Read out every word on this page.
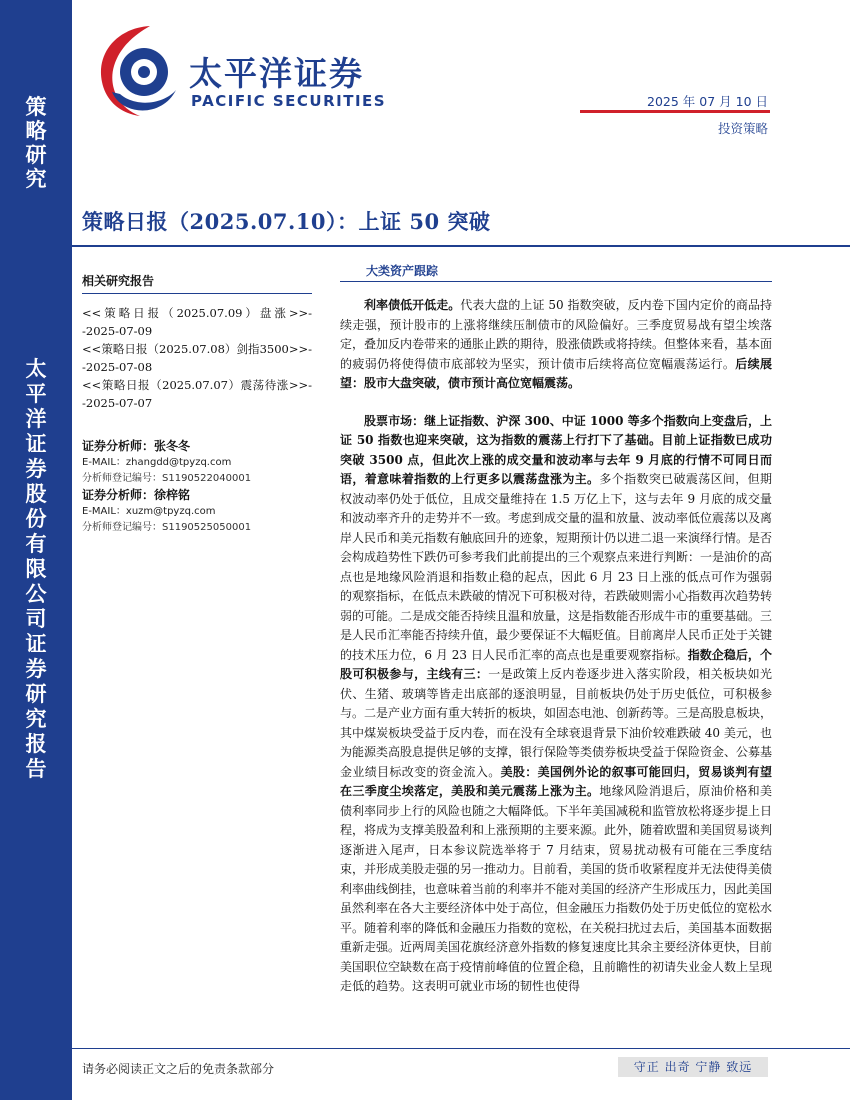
策略研究
太平洋证券股份有限公司证券研究报告
太平洋证券
PACIFIC SECURITIES	2025 年 07 月 10 日
投资策略
策略日报（2025.07.10）：上证 50 突破
相关研究报告
<<策略日报（2025.07.09）盘涨>>--2025-07-09
<<策略日报（2025.07.08）剑指3500>>--2025-07-08
<<策略日报（2025.07.07）震荡待涨>>--2025-07-07
证券分析师：张冬冬
E-MAIL：zhangdd@tpyzq.com
分析师登记编号：S1190522040001
证券分析师：徐梓铭
E-MAIL：xuzm@tpyzq.com
分析师登记编号：S1190525050001
大类资产跟踪
利率债低开低走。代表大盘的上证 50 指数突破，反内卷下国内定价的商品持续走强，预计股市的上涨将继续压制债市的风险偏好。三季度贸易战有望尘埃落定，叠加反内卷带来的通胀止跌的期待，股涨债跌或将持续。但整体来看，基本面的疲弱仍将使得债市底部较为坚实，预计债市后续将高位宽幅震荡运行。后续展望：股市大盘突破，债市预计高位宽幅震荡。
股票市场：继上证指数、沪深 300、中证 1000 等多个指数向上变盘后，上证 50 指数也迎来突破，这为指数的震荡上行打下了基础。目前上证指数已成功突破 3500 点，但此次上涨的成交量和波动率与去年 9 月底的行情不可同日而语，着意味着指数的上行更多以震荡盘涨为主。多个指数突已破震荡区间，但期权波动率仍处于低位，且成交量维持在 1.5 万亿上下，这与去年 9 月底的成交量和波动率齐升的走势并不一致。考虑到成交量的温和放量、波动率低位震荡以及离岸人民币和美元指数有触底回升的迹象，短期预计仍以进二退一来演绎行情。是否会构成趋势性下跌仍可参考我们此前提出的三个观察点来进行判断：一是油价的高点也是地缘风险消退和指数止稳的起点，因此 6 月 23 日上涨的低点可作为强弱的观察指标，在低点未跌破的情况下可积极对待，若跌破则需小心指数再次趋势转弱的可能。二是成交能否持续且温和放量，这是指数能否形成牛市的重要基础。三是人民币汇率能否持续升值，最少要保证不大幅贬值。目前离岸人民币正处于关键的技术压力位，6 月 23 日人民币汇率的高点也是重要观察指标。指数企稳后，个股可积极参与，主线有三：一是政策上反内卷逐步进入落实阶段，相关板块如光伏、生猪、玻璃等皆走出底部的逐浪明显，目前板块仍处于历史低位，可积极参与。二是产业方面有重大转折的板块，如固态电池、创新药等。三是高股息板块，其中煤炭板块受益于反内卷，而在没有全球衰退背景下油价较难跌破 40 美元，也为能源类高股息提供足够的支撑，银行保险等类债券板块受益于保险资金、公募基金业绩目标改变的资金流入。美股：美国例外论的叙事可能回归，贸易谈判有望在三季度尘埃落定，美股和美元震荡上涨为主。地缘风险消退后，原油价格和美债利率同步上行的风险也随之大幅降低。下半年美国减税和监管放松将逐步提上日程，将成为支撑美股盈利和上涨预期的主要来源。此外，随着欧盟和美国贸易谈判逐渐进入尾声，日本参议院选举将于 7 月结束，贸易扰动极有可能在三季度结束，并形成美股走强的另一推动力。目前看，美国的货币收紧程度并无法使得美债利率曲线倒挂，也意味着当前的利率并不能对美国的经济产生形成压力，因此美国虽然利率在各大主要经济体中处于高位，但金融压力指数仍处于历史低位的宽松水平。随着利率的降低和金融压力指数的宽松，在关税扫扰过去后，美国基本面数据重新走强。近两周美国花旗经济意外指数的修复速度比其余主要经济体更快，目前美国职位空缺数在高于疫情前峰值的位置企稳，且前瞻性的初请失业金人数上呈现走低的趋势。这表明可就业市场的韧性也使得
请务必阅读正文之后的免责条款部分	守正 出奇 宁静 致远
